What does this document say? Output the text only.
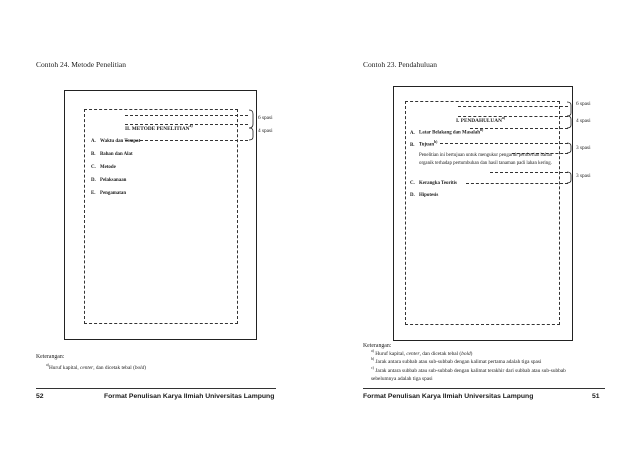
Contoh 24. Metode Penelitian
II. METODE PENELITIAN$^{a)}$
A. Waktu dan Tempat
B. Bahan dan Alat
C. Metode
D. Pelaksanaan
E. Pengamatan
6 spasi
4 spasi
Keterangan:
$^{a)}$Huruf kapital, center, dan dicetak tebal (bold)
52	Format Penulisan Karya Ilmiah Universitas Lampung
Contoh 23. Pendahuluan
I. PENDAHULUAN$^{a)}$
A. Latar Belakang dan Masalah$^{b)}$
B. Tujuan$^{b)}$
Penelitian ini bertujuan untuk mengukur pengaruh pemberian bahan organik terhadap pertumbuhan dan hasil tanaman padi lahan kering.
C. Kerangka Teoritis
D. Hipotesis
6 spasi
4 spasi
3 spasi
3 spasi
Keterangan:
$^{a)}$ Huruf kapital, center, dan dicetak tebal (bold)
$^{b)}$ Jarak antara subbab atau sub-subbab dengan kalimat pertama adalah tiga spasi
$^{c)}$ Jarak antara subbab atau sub-subbab dengan kalimat terakhir dari subbab atau sub-subbab sebelumnya adalah tiga spasi
Format Penulisan Karya Ilmiah Universitas Lampung	51
